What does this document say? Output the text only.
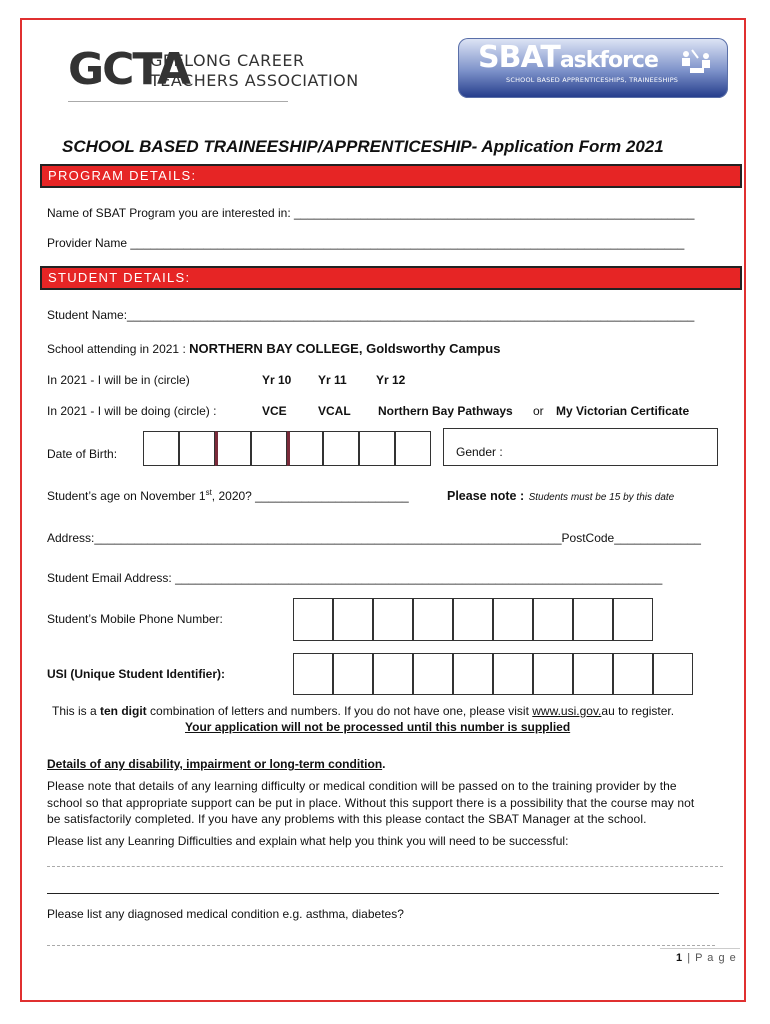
GCTA
GEELONG CAREER
TEACHERS ASSOCIATION
SBATaskforce
SCHOOL BASED APPRENTICESHIPS, TRAINEESHIPS
SCHOOL BASED TRAINEESHIP/APPRENTICESHIP- Application Form 2021
PROGRAM DETAILS:
Name of SBAT Program you are interested in: ____________________________________________________________
Provider Name ___________________________________________________________________________________
STUDENT DETAILS:
Student Name:_____________________________________________________________________________________
School attending in 2021 : NORTHERN BAY COLLEGE, Goldsworthy Campus
In 2021 - I will be in (circle)	Yr 10 Yr 11 Yr 12
In 2021 - I will be doing (circle) :	VCE	VCAL Northern Bay Pathways or My Victorian Certificate
Date of Birth:	Gender :
Student’s age on November 1st, 2020? _______________________	Please note : Students must be 15 by this date
Address:______________________________________________________________________PostCode_____________
Student Email Address: _________________________________________________________________________
Student’s Mobile Phone Number:
USI (Unique Student Identifier):
This is a ten digit combination of letters and numbers. If you do not have one, please visit www.usi.gov.au to register.
Your application will not be processed until this number is supplied
Details of any disability, impairment or long-term condition.
Please note that details of any learning difficulty or medical condition will be passed on to the training provider by the
school so that appropriate support can be put in place. Without this support there is a possibility that the course may not
be satisfactorily completed. If you have any problems with this please contact the SBAT Manager at the school.
Please list any Leanring Difficulties and explain what help you think you will need to be successful:
Please list any diagnosed medical condition e.g. asthma, diabetes?
1 | P a g e
